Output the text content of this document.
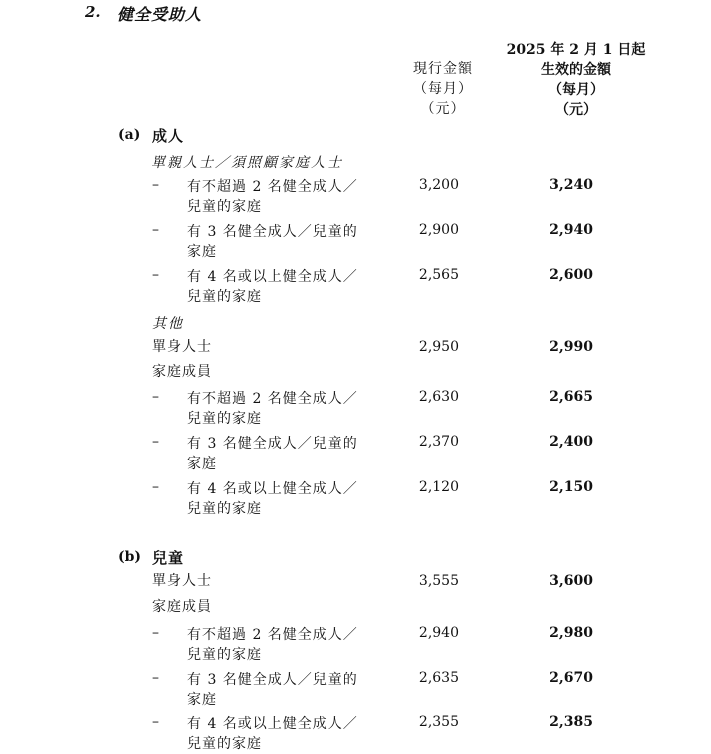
2. 健全受助人
現行金額
（每月）
（元）
2025 年 2 月 1 日起
生效的金額
（每月）
（元）
(a) 成人
單親人士／須照顧家庭人士
– 有不超過 2 名健全成人／
兒童的家庭
3,200	3,240
– 有 3 名健全成人／兒童的
家庭
2,900	2,940
– 有 4 名或以上健全成人／
兒童的家庭
2,565	2,600
其他
單身人士	2,950	2,990
家庭成員
– 有不超過 2 名健全成人／
兒童的家庭
2,630	2,665
– 有 3 名健全成人／兒童的
家庭
2,370	2,400
– 有 4 名或以上健全成人／
兒童的家庭
2,120	2,150
(b) 兒童
單身人士	3,555	3,600
家庭成員
– 有不超過 2 名健全成人／
兒童的家庭
2,940	2,980
– 有 3 名健全成人／兒童的
家庭
2,635	2,670
– 有 4 名或以上健全成人／
兒童的家庭
2,355	2,385
